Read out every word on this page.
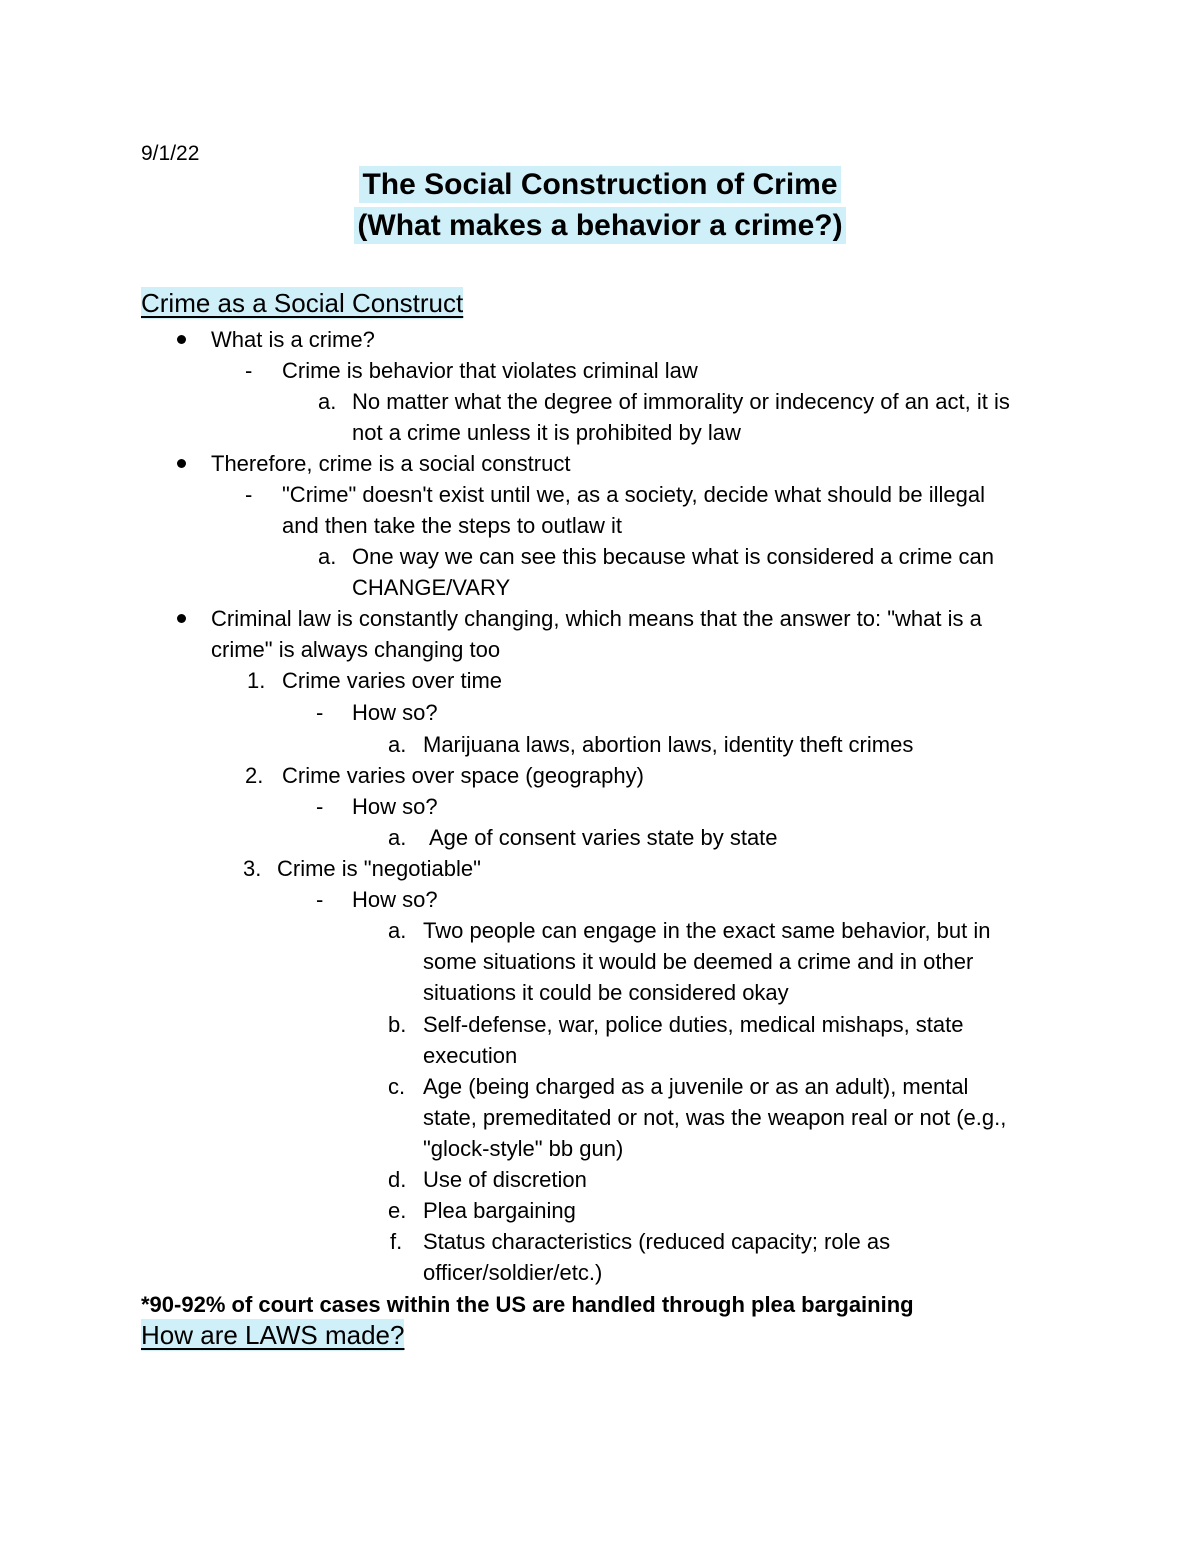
9/1/22
The Social Construction of Crime
(What makes a behavior a crime?)
Crime as a Social Construct
What is a crime?
- Crime is behavior that violates criminal law
a. No matter what the degree of immorality or indecency of an act, it is
not a crime unless it is prohibited by law
Therefore, crime is a social construct
- "Crime" doesn't exist until we, as a society, decide what should be illegal
and then take the steps to outlaw it
a. One way we can see this because what is considered a crime can
CHANGE/VARY
Criminal law is constantly changing, which means that the answer to: "what is a
crime" is always changing too
1. Crime varies over time
- How so?
a. Marijuana laws, abortion laws, identity theft crimes
2. Crime varies over space (geography)
- How so?
a. Age of consent varies state by state
3. Crime is "negotiable"
- How so?
a. Two people can engage in the exact same behavior, but in
some situations it would be deemed a crime and in other
situations it could be considered okay
b. Self-defense, war, police duties, medical mishaps, state
execution
c. Age (being charged as a juvenile or as an adult), mental
state, premeditated or not, was the weapon real or not (e.g.,
"glock-style" bb gun)
d. Use of discretion
e. Plea bargaining
f. Status characteristics (reduced capacity; role as
officer/soldier/etc.)
*90-92% of court cases within the US are handled through plea bargaining
How are LAWS made?
